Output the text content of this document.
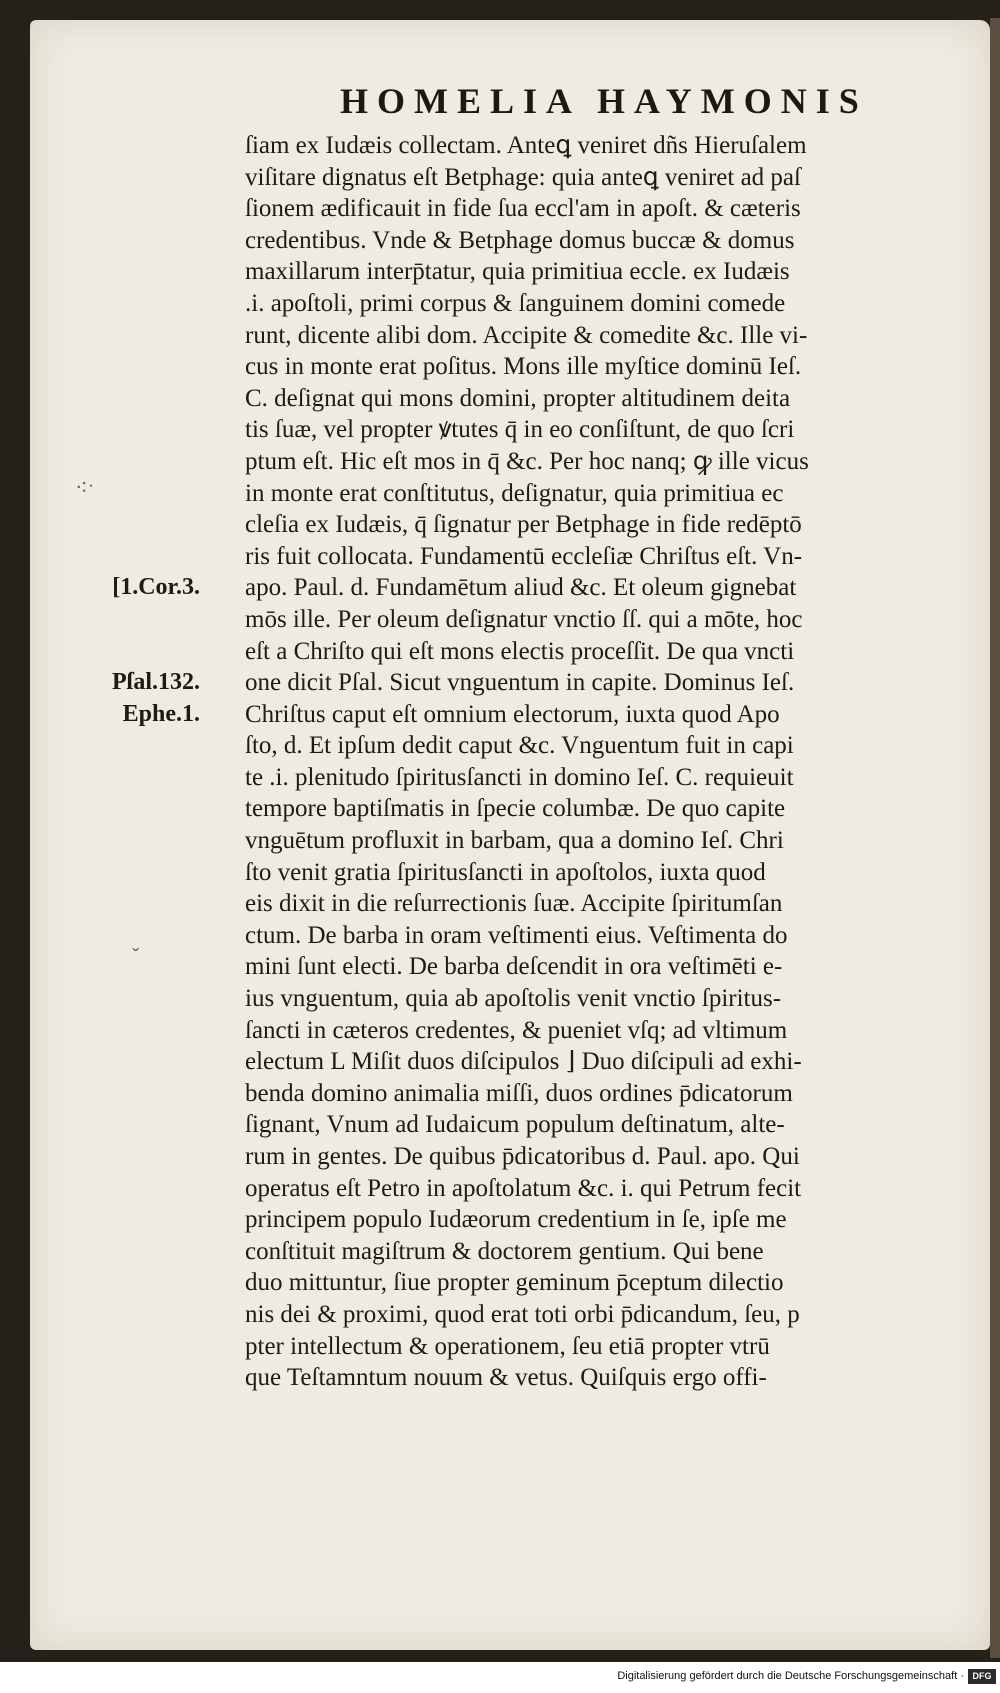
HOMELIA HAYMONIS
⁖ˑ
ˇ
ſiam ex Iudæis collectam. Anteꝗ veniret dñs Hieruſalem
viſitare dignatus eſt Betphage: quia anteꝗ veniret ad paſ
ſionem ædificauit in fide ſua eccl'am in apoſt. & cæteris
credentibus. Vnde & Betphage domus buccæ & domus
maxillarum interp̄tatur, quia primitiua eccle. ex Iudæis
.i. apoſtoli, primi corpus & ſanguinem domini comede
runt, dicente alibi dom. Accipite & comedite &c. Ille vi-
cus in monte erat poſitus. Mons ille myſtice dominū Ieſ.
C. deſignat qui mons domini, propter altitudinem deita
tis ſuæ, vel propter ꝟtutes q̄ in eo conſiſtunt, de quo ſcri
ptum eſt. Hic eſt mos in q̄ &c. Per hoc nanq; ꝙ ille vicus
in monte erat conſtitutus, deſignatur, quia primitiua ec
cleſia ex Iudæis, q̄ ſignatur per Betphage in fide redēptō
ris fuit collocata. Fundamentū eccleſiæ Chriſtus eſt. Vn-
apo. Paul. d. Fundamētum aliud &c. Et oleum gignebat
mōs ille. Per oleum deſignatur vnctio ſſ. qui a mōte, hoc
eſt a Chriſto qui eſt mons electis proceſſit. De qua vncti
one dicit Pſal. Sicut vnguentum in capite. Dominus Ieſ.
Chriſtus caput eſt omnium electorum, iuxta quod Apo
ſto, d. Et ipſum dedit caput &c. Vnguentum fuit in capi
te .i. plenitudo ſpiritusſancti in domino Ieſ. C. requieuit
tempore baptiſmatis in ſpecie columbæ. De quo capite
vnguētum profluxit in barbam, qua a domino Ieſ. Chri
ſto venit gratia ſpiritusſancti in apoſtolos, iuxta quod
eis dixit in die reſurrectionis ſuæ. Accipite ſpiritumſan
ctum. De barba in oram veſtimenti eius. Veſtimenta do
mini ſunt electi. De barba deſcendit in ora veſtimēti e-
ius vnguentum, quia ab apoſtolis venit vnctio ſpiritus-
ſancti in cæteros credentes, & pueniet vſq; ad vltimum
electum L Miſit duos diſcipulos ⌋ Duo diſcipuli ad exhi-
benda domino animalia miſſi, duos ordines p̄dicatorum
ſignant, Vnum ad Iudaicum populum deſtinatum, alte-
rum in gentes. De quibus p̄dicatoribus d. Paul. apo. Qui
operatus eſt Petro in apoſtolatum &c. i. qui Petrum fecit
principem populo Iudæorum credentium in ſe, ipſe me
conſtituit magiſtrum & doctorem gentium. Qui bene
duo mittuntur, ſiue propter geminum p̄ceptum dilectio
nis dei & proximi, quod erat toti orbi p̄dicandum, ſeu, p
pter intellectum & operationem, ſeu etiā propter vtrū
que Teſtamntum nouum & vetus. Quiſquis ergo offi-
[1.Cor.3.
Pſal.132.
Ephe.1.
Digitalisierung gefördert durch die Deutsche Forschungsgemeinschaft · DFG
